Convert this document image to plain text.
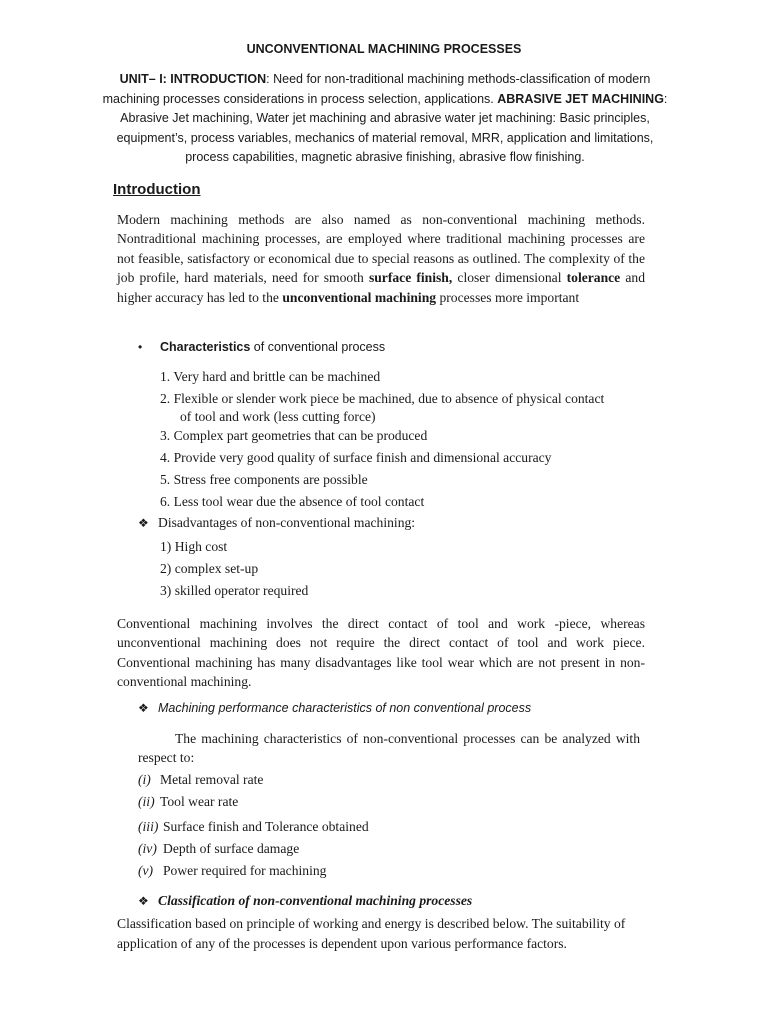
UNCONVENTIONAL MACHINING PROCESSES
UNIT– I: INTRODUCTION: Need for non-traditional machining methods-classification of modern machining processes considerations in process selection, applications. ABRASIVE JET MACHINING: Abrasive Jet machining, Water jet machining and abrasive water jet machining: Basic principles, equipment’s, process variables, mechanics of material removal, MRR, application and limitations, process capabilities, magnetic abrasive finishing, abrasive flow finishing.
Introduction
Modern machining methods are also named as non-conventional machining methods. Nontraditional machining processes, are employed where traditional machining processes are not feasible, satisfactory or economical due to special reasons as outlined. The complexity of the job profile, hard materials, need for smooth surface finish, closer dimensional tolerance and higher accuracy has led to the unconventional machining processes more important
• Characteristics of conventional process
1. Very hard and brittle can be machined
2. Flexible or slender work piece be machined, due to absence of physical contact
of tool and work (less cutting force)
3. Complex part geometries that can be produced
4. Provide very good quality of surface finish and dimensional accuracy
5. Stress free components are possible
6. Less tool wear due the absence of tool contact
❖ Disadvantages of non-conventional machining:
1) High cost
2) complex set-up
3) skilled operator required
Conventional machining involves the direct contact of tool and work -piece, whereas unconventional machining does not require the direct contact of tool and work piece. Conventional machining has many disadvantages like tool wear which are not present in non- conventional machining.
❖ Machining performance characteristics of non conventional process
The machining characteristics of non-conventional processes can be analyzed with respect to:
(i) Metal removal rate
(ii) Tool wear rate
(iii) Surface finish and Tolerance obtained
(iv) Depth of surface damage
(v) Power required for machining
❖ Classification of non-conventional machining processes
Classification based on principle of working and energy is described below. The suitability of application of any of the processes is dependent upon various performance factors.
